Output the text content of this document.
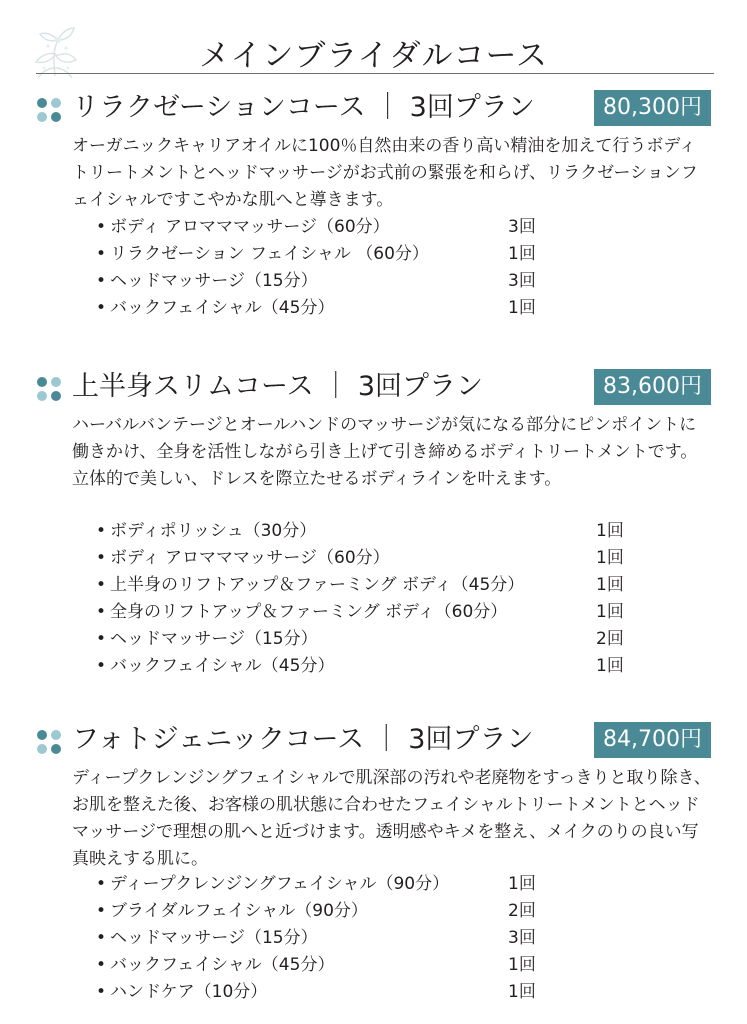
メインブライダルコース
リラクゼーションコース ｜ 3回プラン	80,300円
オーガニックキャリアオイルに100％自然由来の香り高い精油を加えて行うボディトリートメントとヘッドマッサージがお式前の緊張を和らげ、リラクゼーションフェイシャルですこやかな肌へと導きます。
• ボディ アロマママッサージ（60分）	3回
• リラクゼーション フェイシャル （60分）	1回
• ヘッドマッサージ（15分）	3回
• バックフェイシャル（45分）	1回
上半身スリムコース ｜ 3回プラン	83,600円
ハーバルバンテージとオールハンドのマッサージが気になる部分にピンポイントに働きかけ、全身を活性しながら引き上げて引き締めるボディトリートメントです。立体的で美しい、ドレスを際立たせるボディラインを叶えます。
• ボディポリッシュ（30分）	1回
• ボディ アロマママッサージ（60分）	1回
• 上半身のリフトアップ＆ファーミング ボディ（45分）	1回
• 全身のリフトアップ＆ファーミング ボディ（60分）	1回
• ヘッドマッサージ（15分）	2回
• バックフェイシャル（45分）	1回
フォトジェニックコース ｜ 3回プラン	84,700円
ディープクレンジングフェイシャルで肌深部の汚れや老廃物をすっきりと取り除き、お肌を整えた後、お客様の肌状態に合わせたフェイシャルトリートメントとヘッドマッサージで理想の肌へと近づけます。透明感やキメを整え、メイクのりの良い写真映えする肌に。
• ディープクレンジングフェイシャル（90分）	1回
• ブライダルフェイシャル（90分）	2回
• ヘッドマッサージ（15分）	3回
• バックフェイシャル（45分）	1回
• ハンドケア（10分）	1回
